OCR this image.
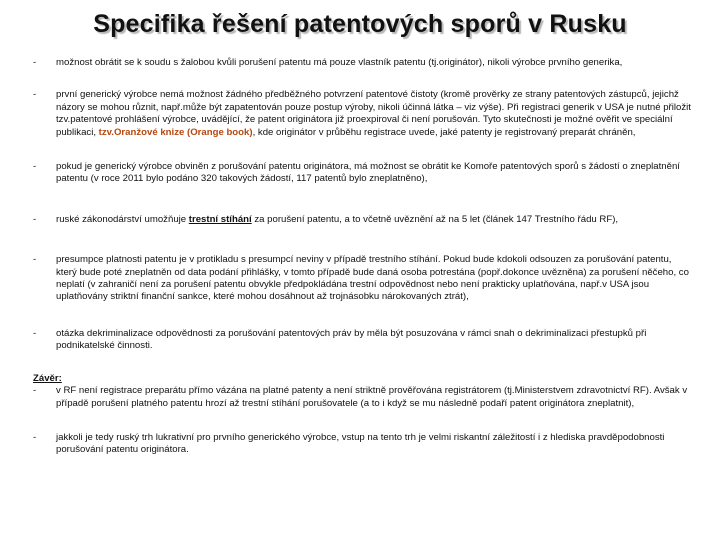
Specifika řešení patentových sporů v Rusku
- možnost obrátit se k soudu s žalobou kvůli porušení patentu má pouze vlastník patentu (tj.originátor), nikoli výrobce prvního generika,
- první generický výrobce nemá možnost žádného předběžného potvrzení patentové čistoty (kromě prověrky ze strany patentových zástupců, jejichž názory se mohou různit, např.může být zapatentován pouze postup výroby, nikoli účinná látka – viz výše). Při registraci generik v USA je nutné přiložit tzv.patentové prohlášení výrobce, uvádějící, že patent originátora již proexpiroval či není porušován. Tyto skutečnosti je možné ověřit ve speciální publikaci, tzv.Oranžové knize (Orange book), kde originátor v průběhu registrace uvede, jaké patenty je registrovaný preparát chráněn,
- pokud je generický výrobce obviněn z porušování patentu originátora, má možnost se obrátit ke Komoře patentových sporů s žádostí o zneplatnění patentu (v roce 2011 bylo podáno 320 takových žádostí, 117 patentů bylo zneplatněno),
- ruské zákonodárství umožňuje trestní stíhání za porušení patentu, a to včetně uvěznění až na 5 let (článek 147 Trestního řádu RF),
- presumpce platnosti patentu je v protikladu s presumpcí neviny v případě trestního stíhání. Pokud bude kdokoli odsouzen za porušování patentu, který bude poté zneplatněn od data podání přihlášky, v tomto případě bude daná osoba potrestána (popř.dokonce uvězněna) za porušení něčeho, co neplatí (v zahraničí není za porušení patentu obvykle předpokládána trestní odpovědnost nebo není prakticky uplatňována, např.v USA jsou uplatňovány striktní finanční sankce, které mohou dosáhnout až trojnásobku nárokovaných ztrát),
- otázka dekriminalizace odpovědnosti za porušování patentových práv by měla být posuzována v rámci snah o dekriminalizaci přestupků při podnikatelské činnosti.
Závěr:
- v RF není registrace preparátu přímo vázána na platné patenty a není striktně prověřována registrátorem (tj.Ministerstvem zdravotnictví RF). Avšak v případě porušení platného patentu hrozí až trestní stíhání porušovatele (a to i když se mu následně podaří patent originátora zneplatnit),
- jakkoli je tedy ruský trh lukrativní pro prvního generického výrobce, vstup na tento trh je velmi riskantní záležitostí i z hlediska pravděpodobnosti porušování patentu originátora.
